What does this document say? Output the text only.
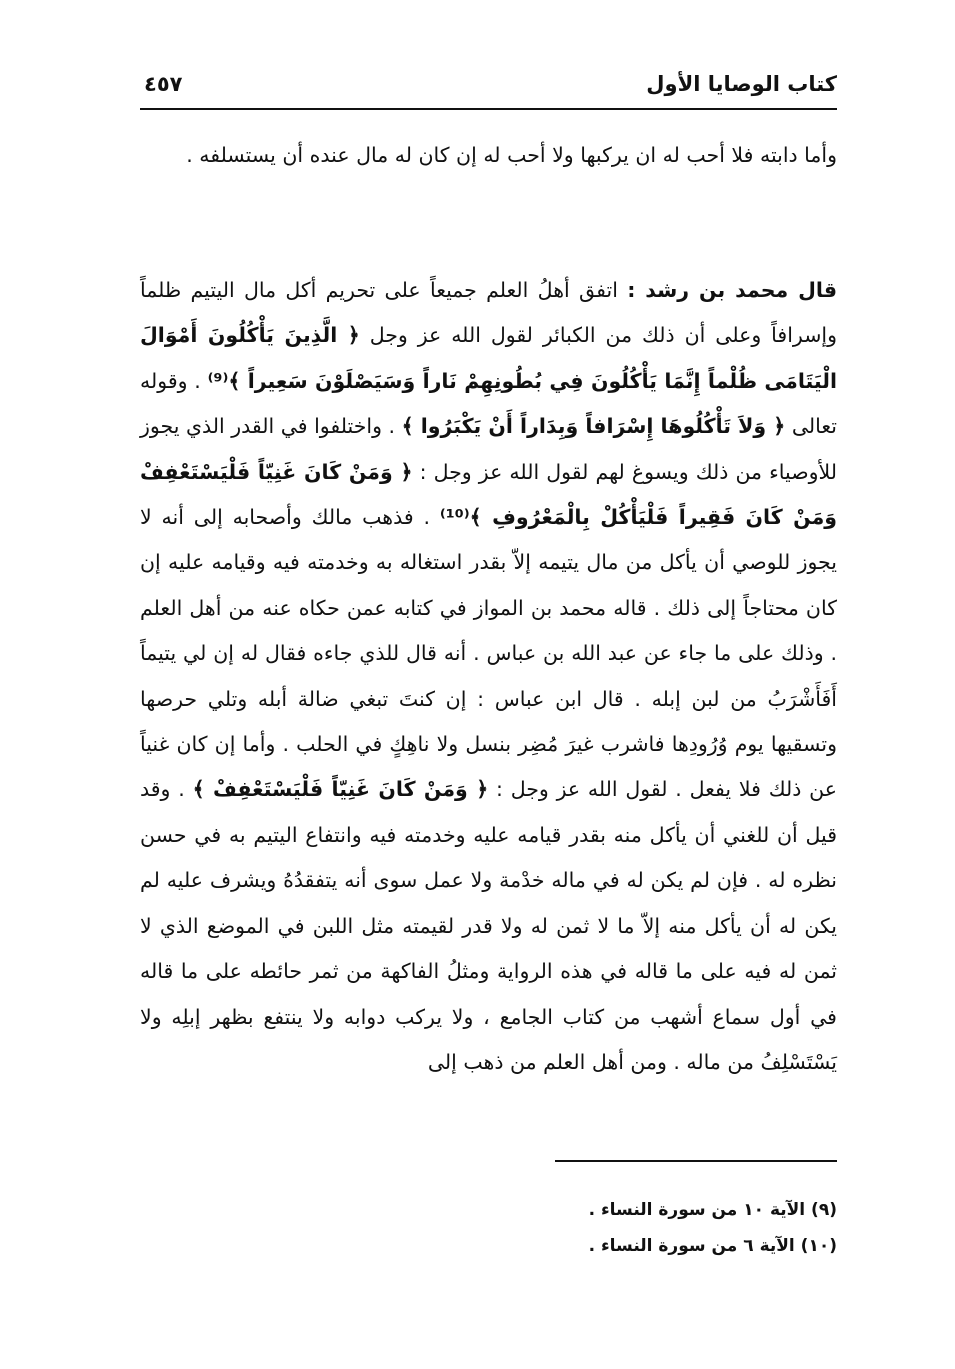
كتاب الوصايا الأول
٤٥٧

وأما دابته فلا أحب له ان يركبها ولا أحب له إن كان له مال عنده أن يستسلفه .

قال محمد بن رشد : اتفق أهلُ العلم جميعاً على تحريم أكل مال اليتيم ظلماً وإسرافاً وعلى أن ذلك من الكبائر لقول الله عز وجل ﴿ الَّذِينَ يَأْكُلُونَ أَمْوَالَ الْيَتَامَى ظُلْماً إِنَّمَا يَأْكُلُونَ فِي بُطُونِهِمْ نَاراً وَسَيَصْلَوْنَ سَعِيراً ﴾⁽⁹⁾ . وقوله تعالى ﴿ وَلاَ تَأْكُلُوهَا إِسْرَافاً وَبِدَاراً أَنْ يَكْبَرُوا ﴾ . واختلفوا في القدر الذي يجوز للأوصياء من ذلك ويسوغ لهم لقول الله عز وجل : ﴿ وَمَنْ كَانَ غَنِيّاً فَلْيَسْتَعْفِفْ وَمَنْ كَانَ فَقِيراً فَلْيَأْكُلْ بِالْمَعْرُوفِ ﴾⁽¹⁰⁾ . فذهب مالك وأصحابه إلى أنه لا يجوز للوصي أن يأكل من مال يتيمه إلاّ بقدر استغاله به وخدمته فيه وقيامه عليه إن كان محتاجاً إلى ذلك . قاله محمد بن المواز في كتابه عمن حكاه عنه من أهل العلم . وذلك على ما جاء عن عبد الله بن عباس . أنه قال للذي جاءه فقال له إن لي يتيماً أَفَأَشْرَبُ من لبن إبله . قال ابن عباس : إن كنتَ تبغي ضالة أبله وتلي حرصها وتسقيها يوم وُرُودِها فاشرب غيرَ مُضِر بنسل ولا ناهِكٍ في الحلب . وأما إن كان غنياً عن ذلك فلا يفعل . لقول الله عز وجل : ﴿ وَمَنْ كَانَ غَنِيّاً فَلْيَسْتَعْفِفْ ﴾ . وقد قيل أن للغني أن يأكل منه بقدر قيامه عليه وخدمته فيه وانتفاع اليتيم به في حسن نظره له . فإن لم يكن له في ماله خدْمة ولا عمل سوى أنه يتفقدُهُ ويشرف عليه لم يكن له أن يأكل منه إلاّ ما لا ثمن له ولا قدر لقيمته مثل اللبن في الموضع الذي لا ثمن له فيه على ما قاله في هذه الرواية ومثلُ الفاكهة من ثمر حائطه على ما قاله في أول سماع أشهب من كتاب الجامع ، ولا يركب دوابه ولا ينتفع بظهر إبلِه ولا يَسْتَسْلِفُ من ماله . ومن أهل العلم من ذهب إلى

(٩) الآية ١٠ من سورة النساء .
(١٠) الآية ٦ من سورة النساء .
